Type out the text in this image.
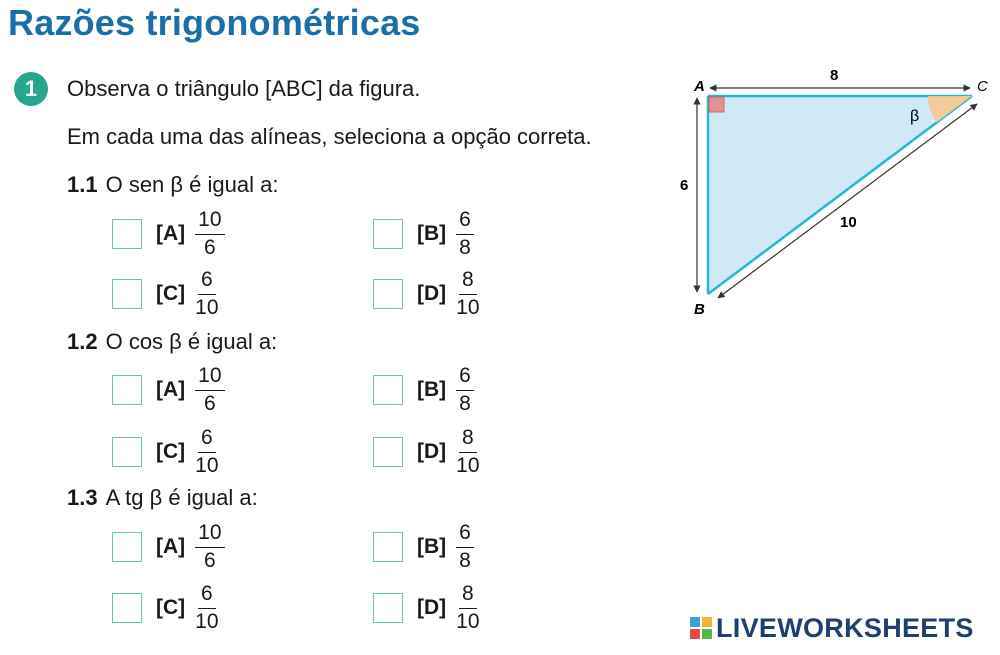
Razões trigonométricas
1	Observa o triângulo [ABC] da figura.
Em cada uma das alíneas, seleciona a opção correta.
1.1 O sen β é igual a:
$[A] \frac{10}{6}$	$[B] \frac{6}{8}$
$[C] \frac{6}{10}$	$[D] \frac{8}{10}$
1.2 O cos β é igual a:
$[A] \frac{10}{6}$	$[B] \frac{6}{8}$
$[C] \frac{6}{10}$	$[D] \frac{8}{10}$
1.3 A tg β é igual a:
$[A] \frac{10}{6}$	$[B] \frac{6}{8}$
$[C] \frac{6}{10}$	$[D] \frac{8}{10}$
A	C
B
8
6
10
β
LIVEWORKSHEETS
